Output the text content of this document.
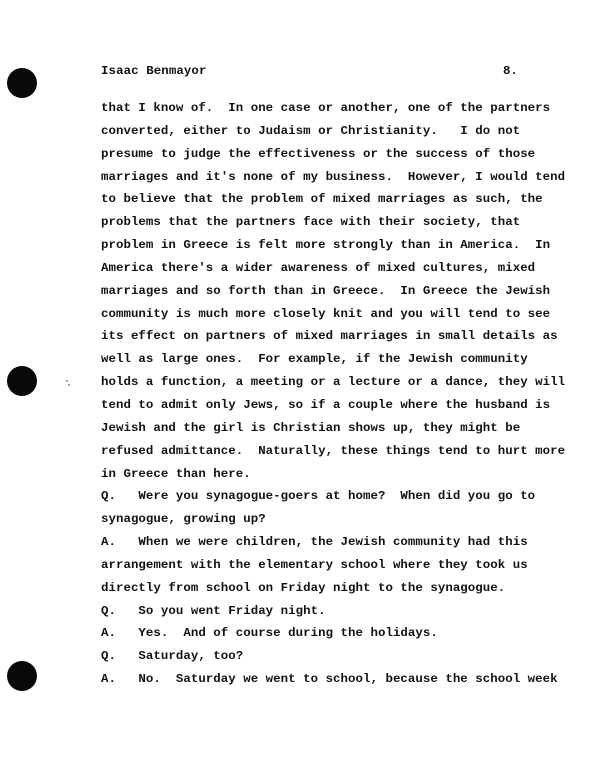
Isaac Benmayor	8.
that I know of.  In one case or another, one of the partners
converted, either to Judaism or Christianity.   I do not
presume to judge the effectiveness or the success of those
marriages and it's none of my business.  However, I would tend
to believe that the problem of mixed marriages as such, the
problems that the partners face with their society, that
problem in Greece is felt more strongly than in America.  In
America there's a wider awareness of mixed cultures, mixed
marriages and so forth than in Greece.  In Greece the Jewish
community is much more closely knit and you will tend to see
its effect on partners of mixed marriages in small details as
well as large ones.  For example, if the Jewish community
holds a function, a meeting or a lecture or a dance, they will
tend to admit only Jews, so if a couple where the husband is
Jewish and the girl is Christian shows up, they might be
refused admittance.  Naturally, these things tend to hurt more
in Greece than here.
Q.   Were you synagogue-goers at home?  When did you go to
synagogue, growing up?
A.   When we were children, the Jewish community had this
arrangement with the elementary school where they took us
directly from school on Friday night to the synagogue.
Q.   So you went Friday night.
A.   Yes.  And of course during the holidays.
Q.   Saturday, too?
A.   No.  Saturday we went to school, because the school week
